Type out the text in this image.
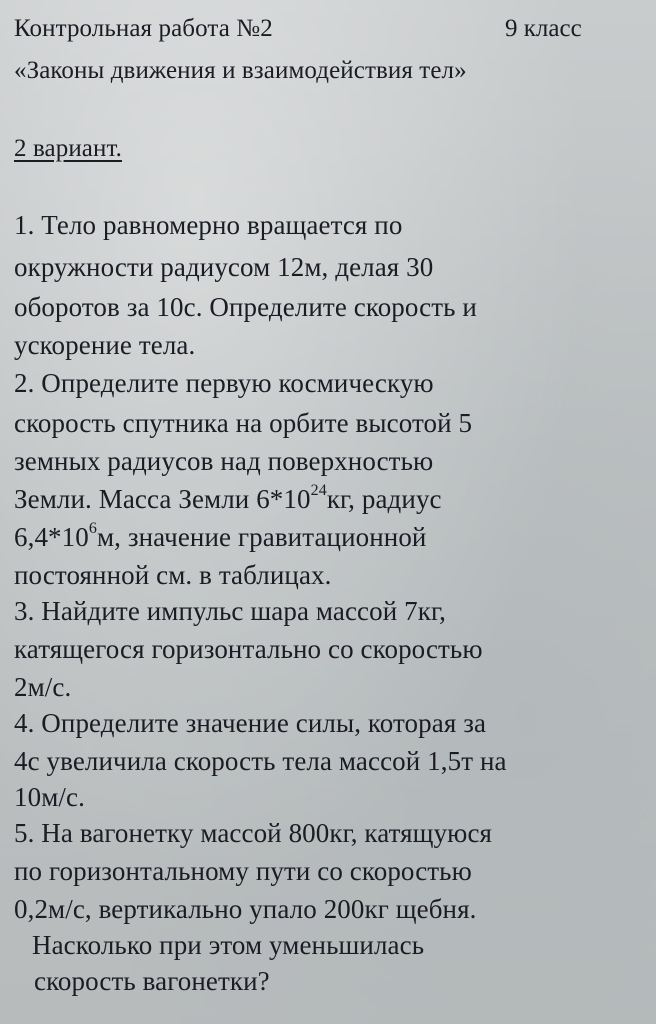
Контрольная работа №2	9 класс
«Законы движения и взаимодействия тел»
2 вариант.
1. Тело равномерно вращается по
окружности радиусом 12м, делая 30
оборотов за 10с. Определите скорость и
ускорение тела.
2. Определите первую космическую
скорость спутника на орбите высотой 5
земных радиусов над поверхностью
Земли. Масса Земли $6*10^{24}кг$, радиус
$6,4*10^6м$, значение гравитационной
постоянной см. в таблицах.
3. Найдите импульс шара массой 7кг,
катящегося горизонтально со скоростью
2м/с.
4. Определите значение силы, которая за
4с увеличила скорость тела массой 1,5т на
10м/с.
5. На вагонетку массой 800кг, катящуюся
по горизонтальному пути со скоростью
0,2м/с, вертикально упало 200кг щебня.
Насколько при этом уменьшилась
скорость вагонетки?
